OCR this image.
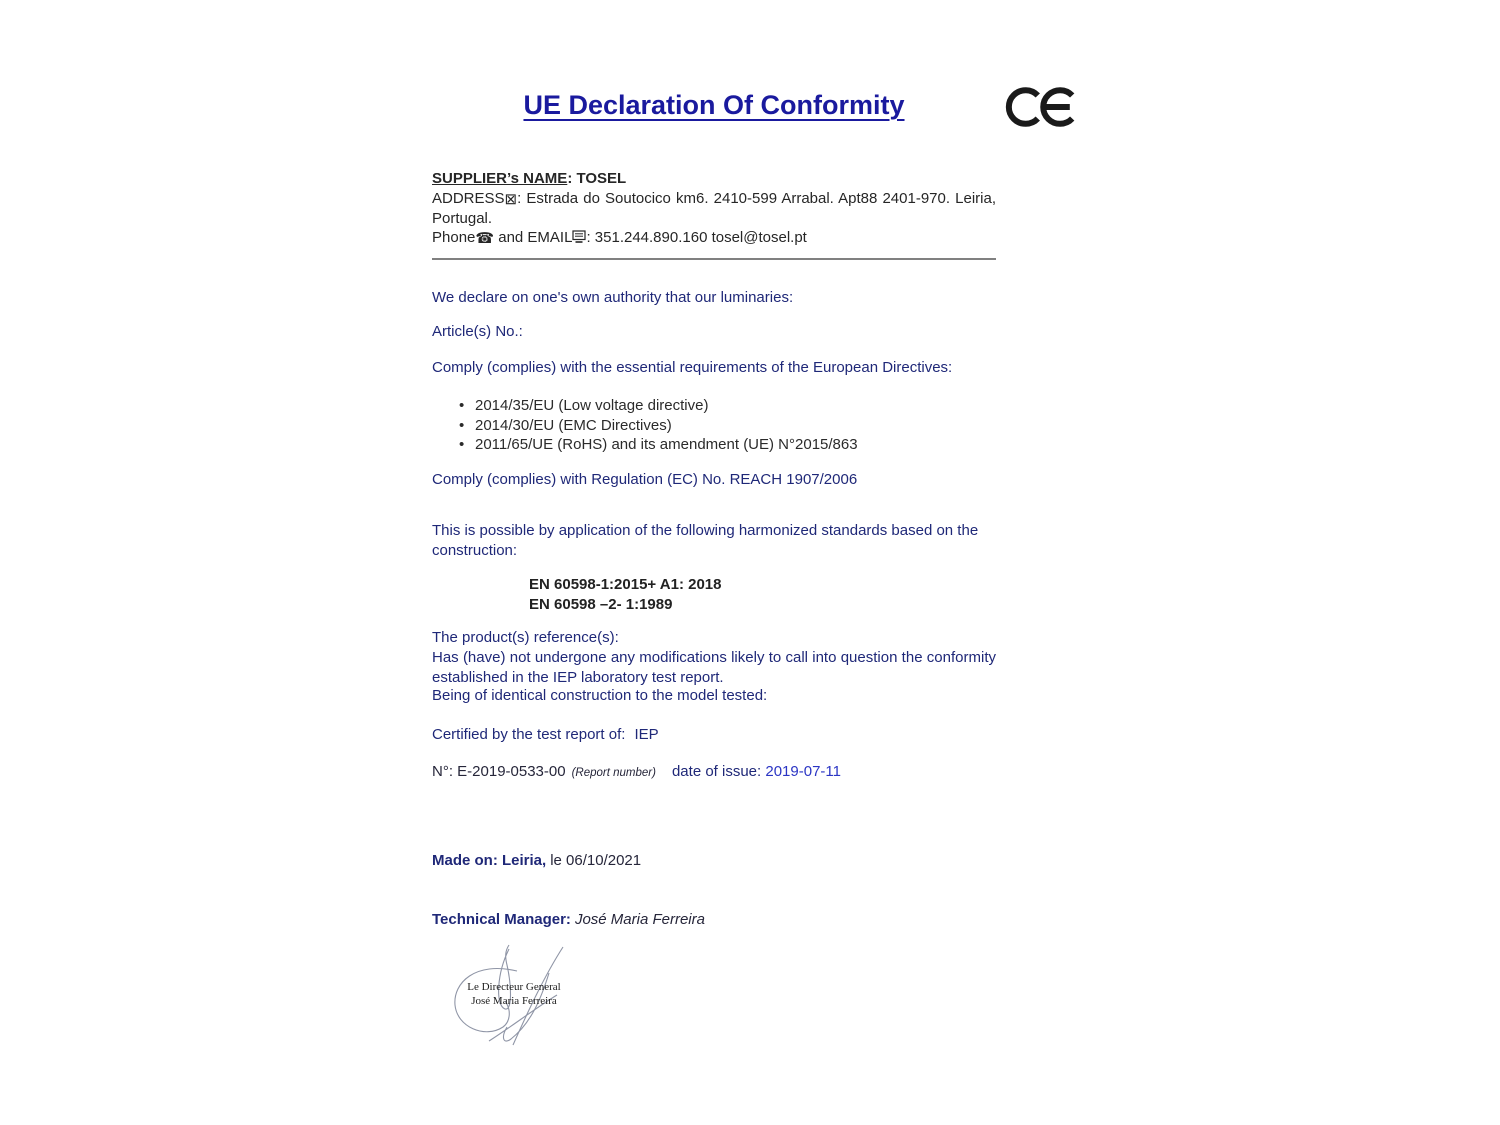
UE Declaration Of Conformity
SUPPLIER’s NAME: TOSEL
ADDRESS⊠: Estrada do Soutocico km6. 2410-599 Arrabal. Apt88 2401-970. Leiria,
Portugal.
Phone☎ and EMAIL : 351.244.890.160 tosel@tosel.pt
We declare on one's own authority that our luminaries:
Article(s) No.:
Comply (complies) with the essential requirements of the European Directives:
• 2014/35/EU (Low voltage directive)
• 2014/30/EU (EMC Directives)
• 2011/65/UE (RoHS) and its amendment (UE) N°2015/863
Comply (complies) with Regulation (EC) No. REACH 1907/2006
This is possible by application of the following harmonized standards based on the construction:
EN 60598-1:2015+ A1: 2018
EN 60598 –2- 1:1989
The product(s) reference(s):
Has (have) not undergone any modifications likely to call into question the conformity established in the IEP laboratory test report.
Being of identical construction to the model tested:
Certified by the test report of: IEP
N°: E-2019-0533-00 (Report number) date of issue: 2019-07-11
Made on: Leiria, le 06/10/2021
Technical Manager: José Maria Ferreira
Le Directeur General
José Maria Ferreira
